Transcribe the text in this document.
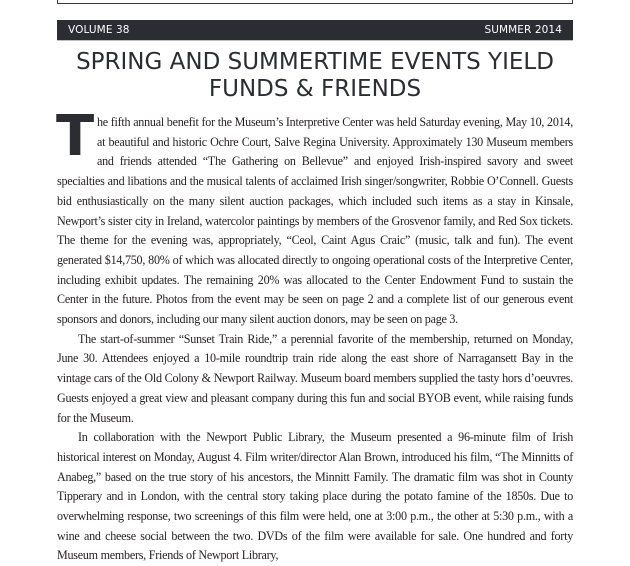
VOLUME 38	SUMMER 2014
SPRING AND SUMMERTIME EVENTS YIELD FUNDS & FRIENDS

The fifth annual benefit for the Museum’s Interpretive Center was held Saturday evening, May 10, 2014, at beautiful and historic Ochre Court, Salve Regina University. Approximately 130 Museum members and friends attended “The Gathering on Bellevue” and enjoyed Irish-inspired savory and sweet specialties and libations and the musical talents of acclaimed Irish singer/songwriter, Robbie O’Connell. Guests bid enthusiastically on the many silent auction packages, which included such items as a stay in Kinsale, Newport’s sister city in Ireland, watercolor paintings by members of the Grosvenor family, and Red Sox tickets. The theme for the evening was, appropriately, “Ceol, Caint Agus Craic” (music, talk and fun). The event generated $14,750, 80% of which was allocated directly to ongoing operational costs of the Interpretive Center, including exhibit updates. The remaining 20% was allocated to the Center Endowment Fund to sustain the Center in the future. Photos from the event may be seen on page 2 and a complete list of our generous event sponsors and donors, including our many silent auction donors, may be seen on page 3.

The start-of-summer “Sunset Train Ride,” a perennial favorite of the membership, returned on Monday, June 30. Attendees enjoyed a 10-mile roundtrip train ride along the east shore of Narragansett Bay in the vintage cars of the Old Colony & Newport Railway. Museum board members supplied the tasty hors d’oeuvres. Guests enjoyed a great view and pleasant company during this fun and social BYOB event, while raising funds for the Museum.

In collaboration with the Newport Public Library, the Museum presented a 96-minute film of Irish historical interest on Monday, August 4. Film writer/director Alan Brown, introduced his film, “The Minnitts of Anabeg,” based on the true story of his ancestors, the Minnitt Family. The dramatic film was shot in County Tipperary and in London, with the central story taking place during the potato famine of the 1850s. Due to overwhelming response, two screenings of this film were held, one at 3:00 p.m., the other at 5:30 p.m., with a wine and cheese social between the two. DVDs of the film were available for sale. One hundred and forty Museum members, Friends of Newport Library,
